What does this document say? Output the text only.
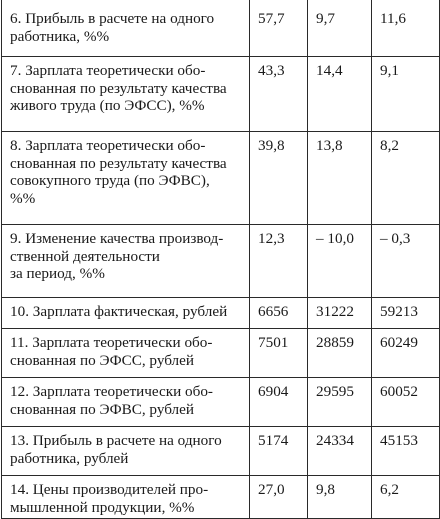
6. Прибыль в расчете на одного
работника, %%	57,7	9,7	11,6
7. Зарплата теоретически обо-
снованная по результату качества
живого труда (по ЭФСС), %%	43,3	14,4	9,1
8. Зарплата теоретически обо-
снованная по результату качества
совокупного труда (по ЭФВС),
%%	39,8	13,8	8,2
9. Изменение качества производ-
ственной деятельности
за период, %%	12,3	– 10,0	– 0,3
10. Зарплата фактическая, рублей	6656	31222	59213
11. Зарплата теоретически обо-
снованная по ЭФСС, рублей	7501	28859	60249
12. Зарплата теоретически обо-
снованная по ЭФВС, рублей	6904	29595	60052
13. Прибыль в расчете на одного
работника, рублей	5174	24334	45153
14. Цены производителей про-
мышленной продукции, %%	27,0	9,8	6,2
